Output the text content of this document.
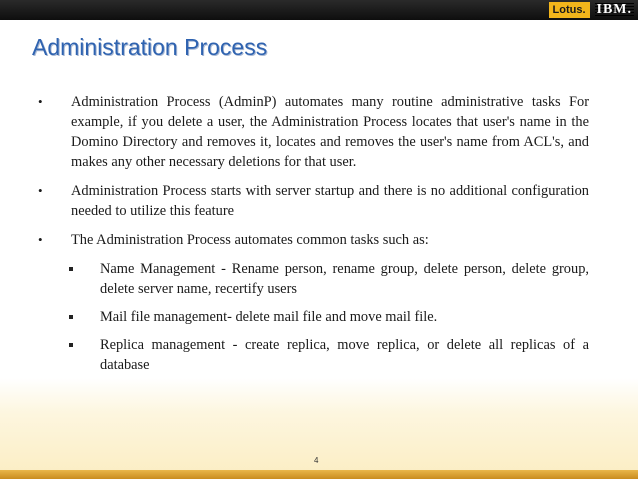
Lotus. IBM.
Administration Process
• Administration Process (AdminP) automates many routine administrative tasks For example, if you delete a user, the Administration Process locates that user's name in the Domino Directory and removes it, locates and removes the user's name from ACL's, and makes any other necessary deletions for that user.
• Administration Process starts with server startup and there is no additional configuration needed to utilize this feature
• The Administration Process automates common tasks such as:
Name Management - Rename person, rename group, delete person, delete group, delete server name, recertify users
Mail file management- delete mail file and move mail file.
Replica management - create replica, move replica, or delete all replicas of a database
4
